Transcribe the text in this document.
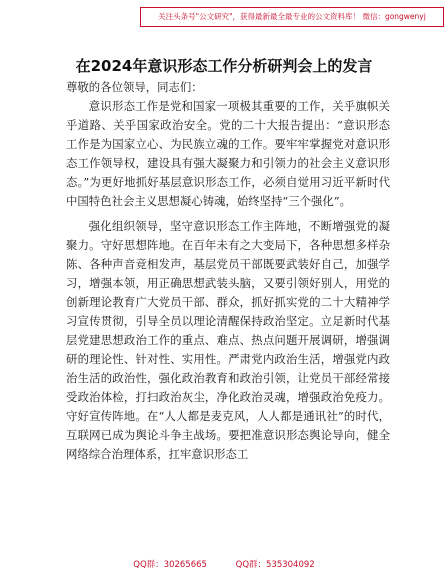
关注头条号"公文研究"，获得最新最全最专业的公文资料库！ 微信：gongwenyj
在2024年意识形态工作分析研判会上的发言

尊敬的各位领导，同志们：

意识形态工作是党和国家一项极其重要的工作，关乎旗帜关乎道路、关乎国家政治安全。党的二十大报告提出：“意识形态工作是为国家立心、为民族立魂的工作。要牢牢掌握党对意识形态工作领导权，建设具有强大凝聚力和引领力的社会主义意识形态。”为更好地抓好基层意识形态工作，必须自觉用习近平新时代中国特色社会主义思想凝心铸魂，始终坚持“三个强化”。

强化组织领导，坚守意识形态工作主阵地，不断增强党的凝聚力。守好思想阵地。在百年未有之大变局下，各种思想多样杂陈、各种声音竞相发声，基层党员干部既要武装好自己，加强学习，增强本领，用正确思想武装头脑，又要引领好别人，用党的创新理论教育广大党员干部、群众，抓好抓实党的二十大精神学习宣传贯彻，引导全员以理论清醒保持政治坚定。立足新时代基层党建思想政治工作的重点、难点、热点问题开展调研，增强调研的理论性、针对性、实用性。严肃党内政治生活，增强党内政治生活的政治性，强化政治教育和政治引领，让党员干部经常接受政治体检，打扫政治灰尘，净化政治灵魂，增强政治免疫力。守好宣传阵地。在“人人都是麦克风，人人都是通讯社”的时代，互联网已成为舆论斗争主战场。要把准意识形态舆论导向，健全网络综合治理体系，扛牢意识形态工

QQ群：30265665	QQ群：535304092
